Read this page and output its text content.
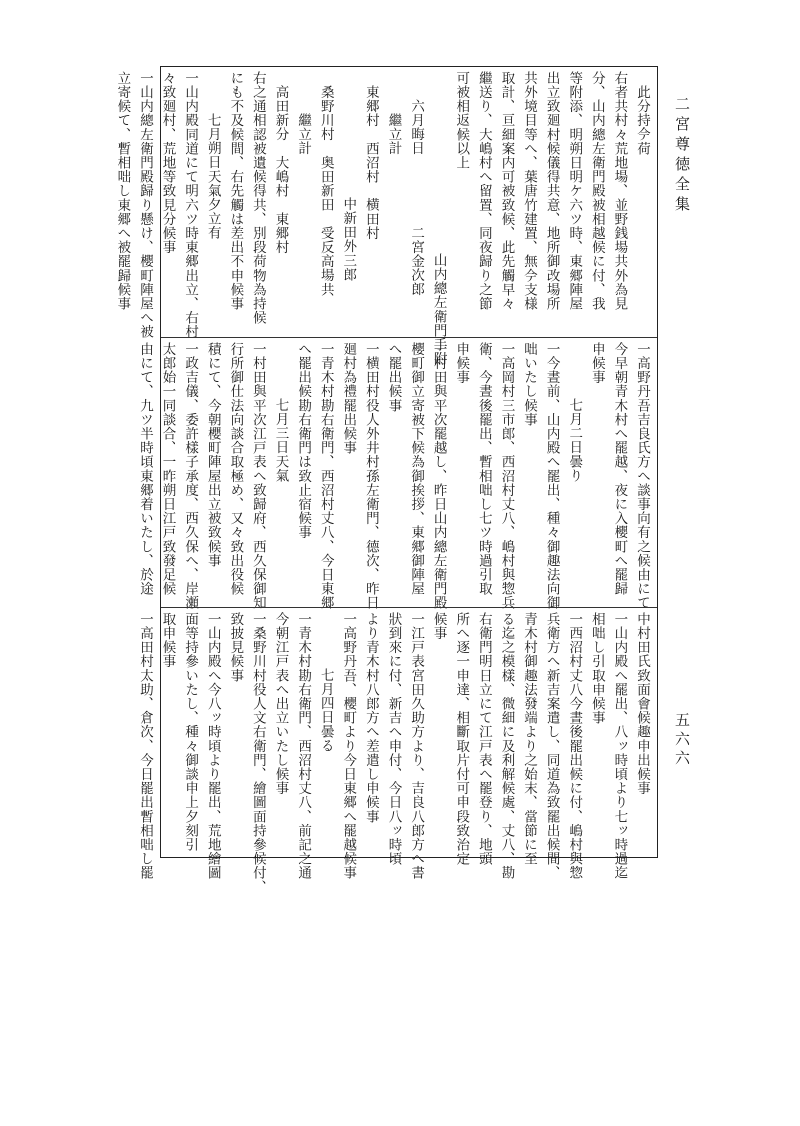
二宮尊徳全集
五六六
此分持𫝆荷
右者共村々荒地場、並野銭場共外為見
分、山内總左衛門殿被相越候に付、我
等附添、明朔日明ケ六ツ時、東郷陣屋
出立致廻村候儀得共意、地所御改場所
共外境目等へ、葉唐竹建置、無𫝆支様
取計、亘細案内可被致候、此先觸早々
繼送り、大嶋村へ留置、同夜歸り之節
可被相返候以上
山内總左衛門手附
六月晦日　　　　　二宮金次郎
繼立計
東郷村　西沼村　横田村
中新田外三郎
桑野川村　奥田新田　受反高場共
繼立計
高田新分　大嶋村　東郷村
右之通相認被遺候得共、別段荷物為持候
にも不及候間、右先觸は差出不申候事
七月朔日天氣夕立有
一山内殿同道にて明六ツ時東郷出立、右村
々致廻村、荒地等致見分候事
一山内總左衛門殿歸り懸け、櫻町陣屋へ被
立寄候て、暫相咄し東郷へ被罷歸候事
一高野丹吾吉良氏方へ談事向有之候由にて
今早朝青木村へ罷越、夜に入櫻町へ罷歸
申候事
七月二日曇り
一今晝前、山内殿へ罷出、種々御趣法向御
咄いたし候事
一高岡村三市郎、西沼村丈八、嶋村與惣兵
衛、今晝後罷出、暫相咄し七ツ時過引取
申候事
一村田與平次罷越し、昨日山内總左衛門殿
櫻町御立寄被下候為御挨拶、東郷御陣屋
へ罷出候事
一横田村役人外井村孫左衛門、德次、昨日
廻村為禮罷出候事
一青木村勘右衛門、西沼村丈八、今日東郷
へ罷出候勘右衛門は致止宿候事
七月三日天氣
一村田與平次江戸表へ致歸府、西久保御知
行所御仕法向談合取極め、又々致出役候
積にて、今朝櫻町陣屋出立被致候事
一政吉儀、委許樣子承度、西久保へ、岸瀬
太郎始一同談合、一昨朔日江戸致發足候
由にて、九ツ半時頃東郷着いたし、於途
中村田氏致面會候趣申出候事
一山内殿へ罷出、八ッ時頃より七ッ時過迄
相咄し引取申候事
一西沼村丈八今晝後罷出候に付、嶋村與惣
兵衛方へ新吉案遣し、同道為致罷出候間、
青木村御趣法發端より之始末、當節に至
る迄之模樣、微細に及利解候處、丈八、勘
右衛門明日立にて江戸表へ罷登り、地頭
所へ逐一申達、相斷取片付可申段致治定
候事
一江戸表宮田久助方より、吉良八郎方へ書
狀到來に付、新吉へ申付、今日八ッ時頃
より青木村八郎方へ差遣し申候事
一高野丹吾、櫻町より今日東郷へ罷越候事
七月四日曇る
一青木村勘右衛門、西沼村丈八、前記之通
今朝江戸表へ出立いたし候事
一桑野川村役人文右衛門、繪圖面持參候付、
致披見候事
一山内殿へ今八ッ時頃より罷出、荒地繪圖
面等持參いたし、種々御談申上夕刻引
取申候事
一高田村太助、倉次、今日罷出暫相咄し罷
